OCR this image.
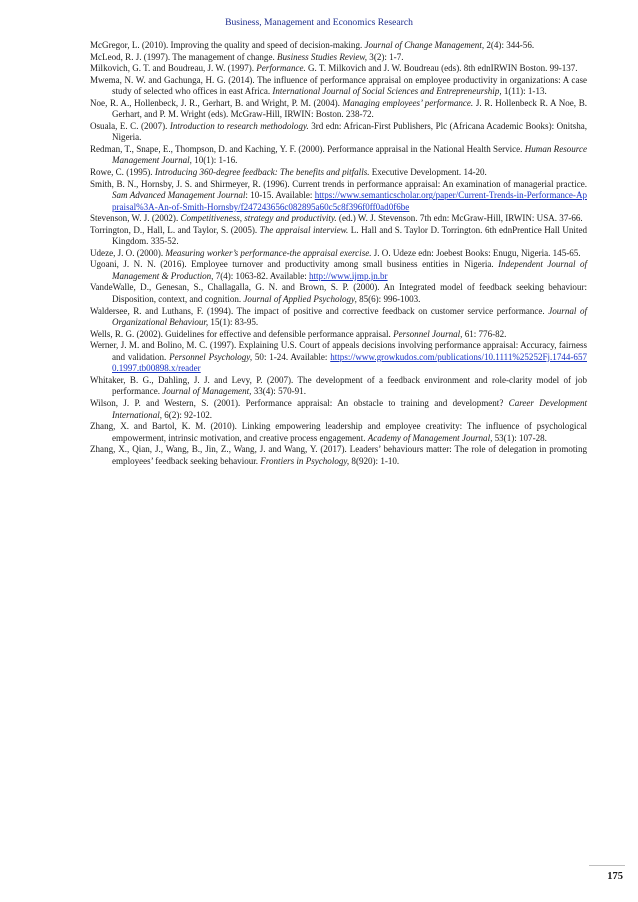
Business, Management and Economics Research
McGregor, L. (2010). Improving the quality and speed of decision-making. Journal of Change Management, 2(4): 344-56.
McLeod, R. J. (1997). The management of change. Business Studies Review, 3(2): 1-7.
Milkovich, G. T. and Boudreau, J. W. (1997). Performance. G. T. Milkovich and J. W. Boudreau (eds). 8th ednIRWIN Boston. 99-137.
Mwema, N. W. and Gachunga, H. G. (2014). The influence of performance appraisal on employee productivity in organizations: A case study of selected who offices in east Africa. International Journal of Social Sciences and Entrepreneurship, 1(11): 1-13.
Noe, R. A., Hollenbeck, J. R., Gerhart, B. and Wright, P. M. (2004). Managing employees’ performance. J. R. Hollenbeck R. A Noe, B. Gerhart, and P. M. Wright (eds). McGraw-Hill, IRWIN: Boston. 238-72.
Osuala, E. C. (2007). Introduction to research methodology. 3rd edn: African-First Publishers, Plc (Africana Academic Books): Onitsha, Nigeria.
Redman, T., Snape, E., Thompson, D. and Kaching, Y. F. (2000). Performance appraisal in the National Health Service. Human Resource Management Journal, 10(1): 1-16.
Rowe, C. (1995). Introducing 360-degree feedback: The benefits and pitfalls. Executive Development. 14-20.
Smith, B. N., Hornsby, J. S. and Shirmeyer, R. (1996). Current trends in performance appraisal: An examination of managerial practice. Sam Advanced Management Journal: 10-15. Available: https://www.semanticscholar.org/paper/Current-Trends-in-Performance-Appraisal%3A-An-of-Smith-Hornsby/f247243656c082895a60c5c8f396f0ff0ad0f6be
Stevenson, W. J. (2002). Competitiveness, strategy and productivity. (ed.) W. J. Stevenson. 7th edn: McGraw-Hill, IRWIN: USA. 37-66.
Torrington, D., Hall, L. and Taylor, S. (2005). The appraisal interview. L. Hall and S. Taylor D. Torrington. 6th ednPrentice Hall United Kingdom. 335-52.
Udeze, J. O. (2000). Measuring worker’s performance-the appraisal exercise. J. O. Udeze edn: Joebest Books: Enugu, Nigeria. 145-65.
Ugoani, J. N. N. (2016). Employee turnover and productivity among small business entities in Nigeria. Independent Journal of Management & Production, 7(4): 1063-82. Available: http://www.ijmp.jn.br
VandeWalle, D., Genesan, S., Challagalla, G. N. and Brown, S. P. (2000). An Integrated model of feedback seeking behaviour: Disposition, context, and cognition. Journal of Applied Psychology, 85(6): 996-1003.
Waldersee, R. and Luthans, F. (1994). The impact of positive and corrective feedback on customer service performance. Journal of Organizational Behaviour, 15(1): 83-95.
Wells, R. G. (2002). Guidelines for effective and defensible performance appraisal. Personnel Journal, 61: 776-82.
Werner, J. M. and Bolino, M. C. (1997). Explaining U.S. Court of appeals decisions involving performance appraisal: Accuracy, fairness and validation. Personnel Psychology, 50: 1-24. Available: https://www.growkudos.com/publications/10.1111%25252Fj.1744-6570.1997.tb00898.x/reader
Whitaker, B. G., Dahling, J. J. and Levy, P. (2007). The development of a feedback environment and role-clarity model of job performance. Journal of Management, 33(4): 570-91.
Wilson, J. P. and Western, S. (2001). Performance appraisal: An obstacle to training and development? Career Development International, 6(2): 92-102.
Zhang, X. and Bartol, K. M. (2010). Linking empowering leadership and employee creativity: The influence of psychological empowerment, intrinsic motivation, and creative process engagement. Academy of Management Journal, 53(1): 107-28.
Zhang, X., Qian, J., Wang, B., Jin, Z., Wang, J. and Wang, Y. (2017). Leaders’ behaviours matter: The role of delegation in promoting employees’ feedback seeking behaviour. Frontiers in Psychology, 8(920): 1-10.
175
